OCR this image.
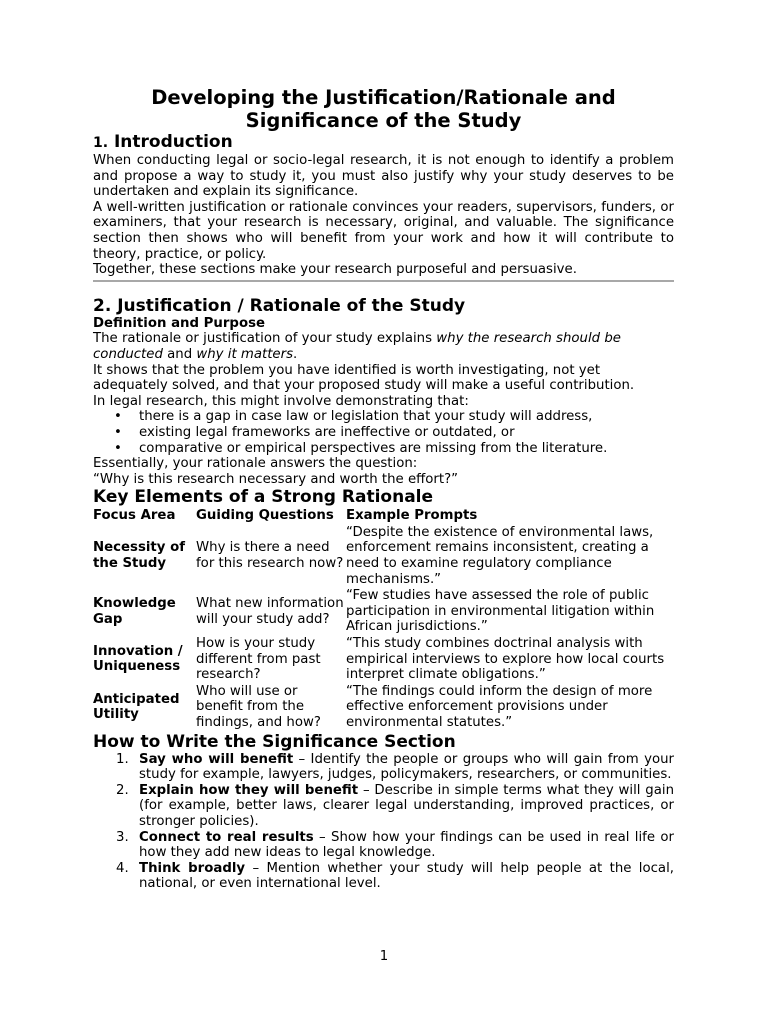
Developing the Justification/Rationale and
Significance of the Study

1. Introduction

When conducting legal or socio-legal research, it is not enough to identify a problem and propose a way to study it, you must also justify why your study deserves to be undertaken and explain its significance.

A well-written justification or rationale convinces your readers, supervisors, funders, or examiners, that your research is necessary, original, and valuable. The significance section then shows who will benefit from your work and how it will contribute to theory, practice, or policy.

Together, these sections make your research purposeful and persuasive.

2. Justification / Rationale of the Study

Definition and Purpose

The rationale or justification of your study explains why the research should be conducted and why it matters.

It shows that the problem you have identified is worth investigating, not yet adequately solved, and that your proposed study will make a useful contribution.

In legal research, this might involve demonstrating that:

• there is a gap in case law or legislation that your study will address,
• existing legal frameworks are ineffective or outdated, or
• comparative or empirical perspectives are missing from the literature.

Essentially, your rationale answers the question:

“Why is this research necessary and worth the effort?”

Key Elements of a Strong Rationale

Focus Area	Guiding Questions	Example Prompts
Necessity of the Study	Why is there a need for this research now?	“Despite the existence of environmental laws, enforcement remains inconsistent, creating a need to examine regulatory compliance mechanisms.”
Knowledge Gap	What new information will your study add?	“Few studies have assessed the role of public participation in environmental litigation within African jurisdictions.”
Innovation / Uniqueness	How is your study different from past research?	“This study combines doctrinal analysis with empirical interviews to explore how local courts interpret climate obligations.”
Anticipated Utility	Who will use or benefit from the findings, and how?	“The findings could inform the design of more effective enforcement provisions under environmental statutes.”

How to Write the Significance Section

1. Say who will benefit – Identify the people or groups who will gain from your study for example, lawyers, judges, policymakers, researchers, or communities.
2. Explain how they will benefit – Describe in simple terms what they will gain (for example, better laws, clearer legal understanding, improved practices, or stronger policies).
3. Connect to real results – Show how your findings can be used in real life or how they add new ideas to legal knowledge.
4. Think broadly – Mention whether your study will help people at the local, national, or even international level.
1
